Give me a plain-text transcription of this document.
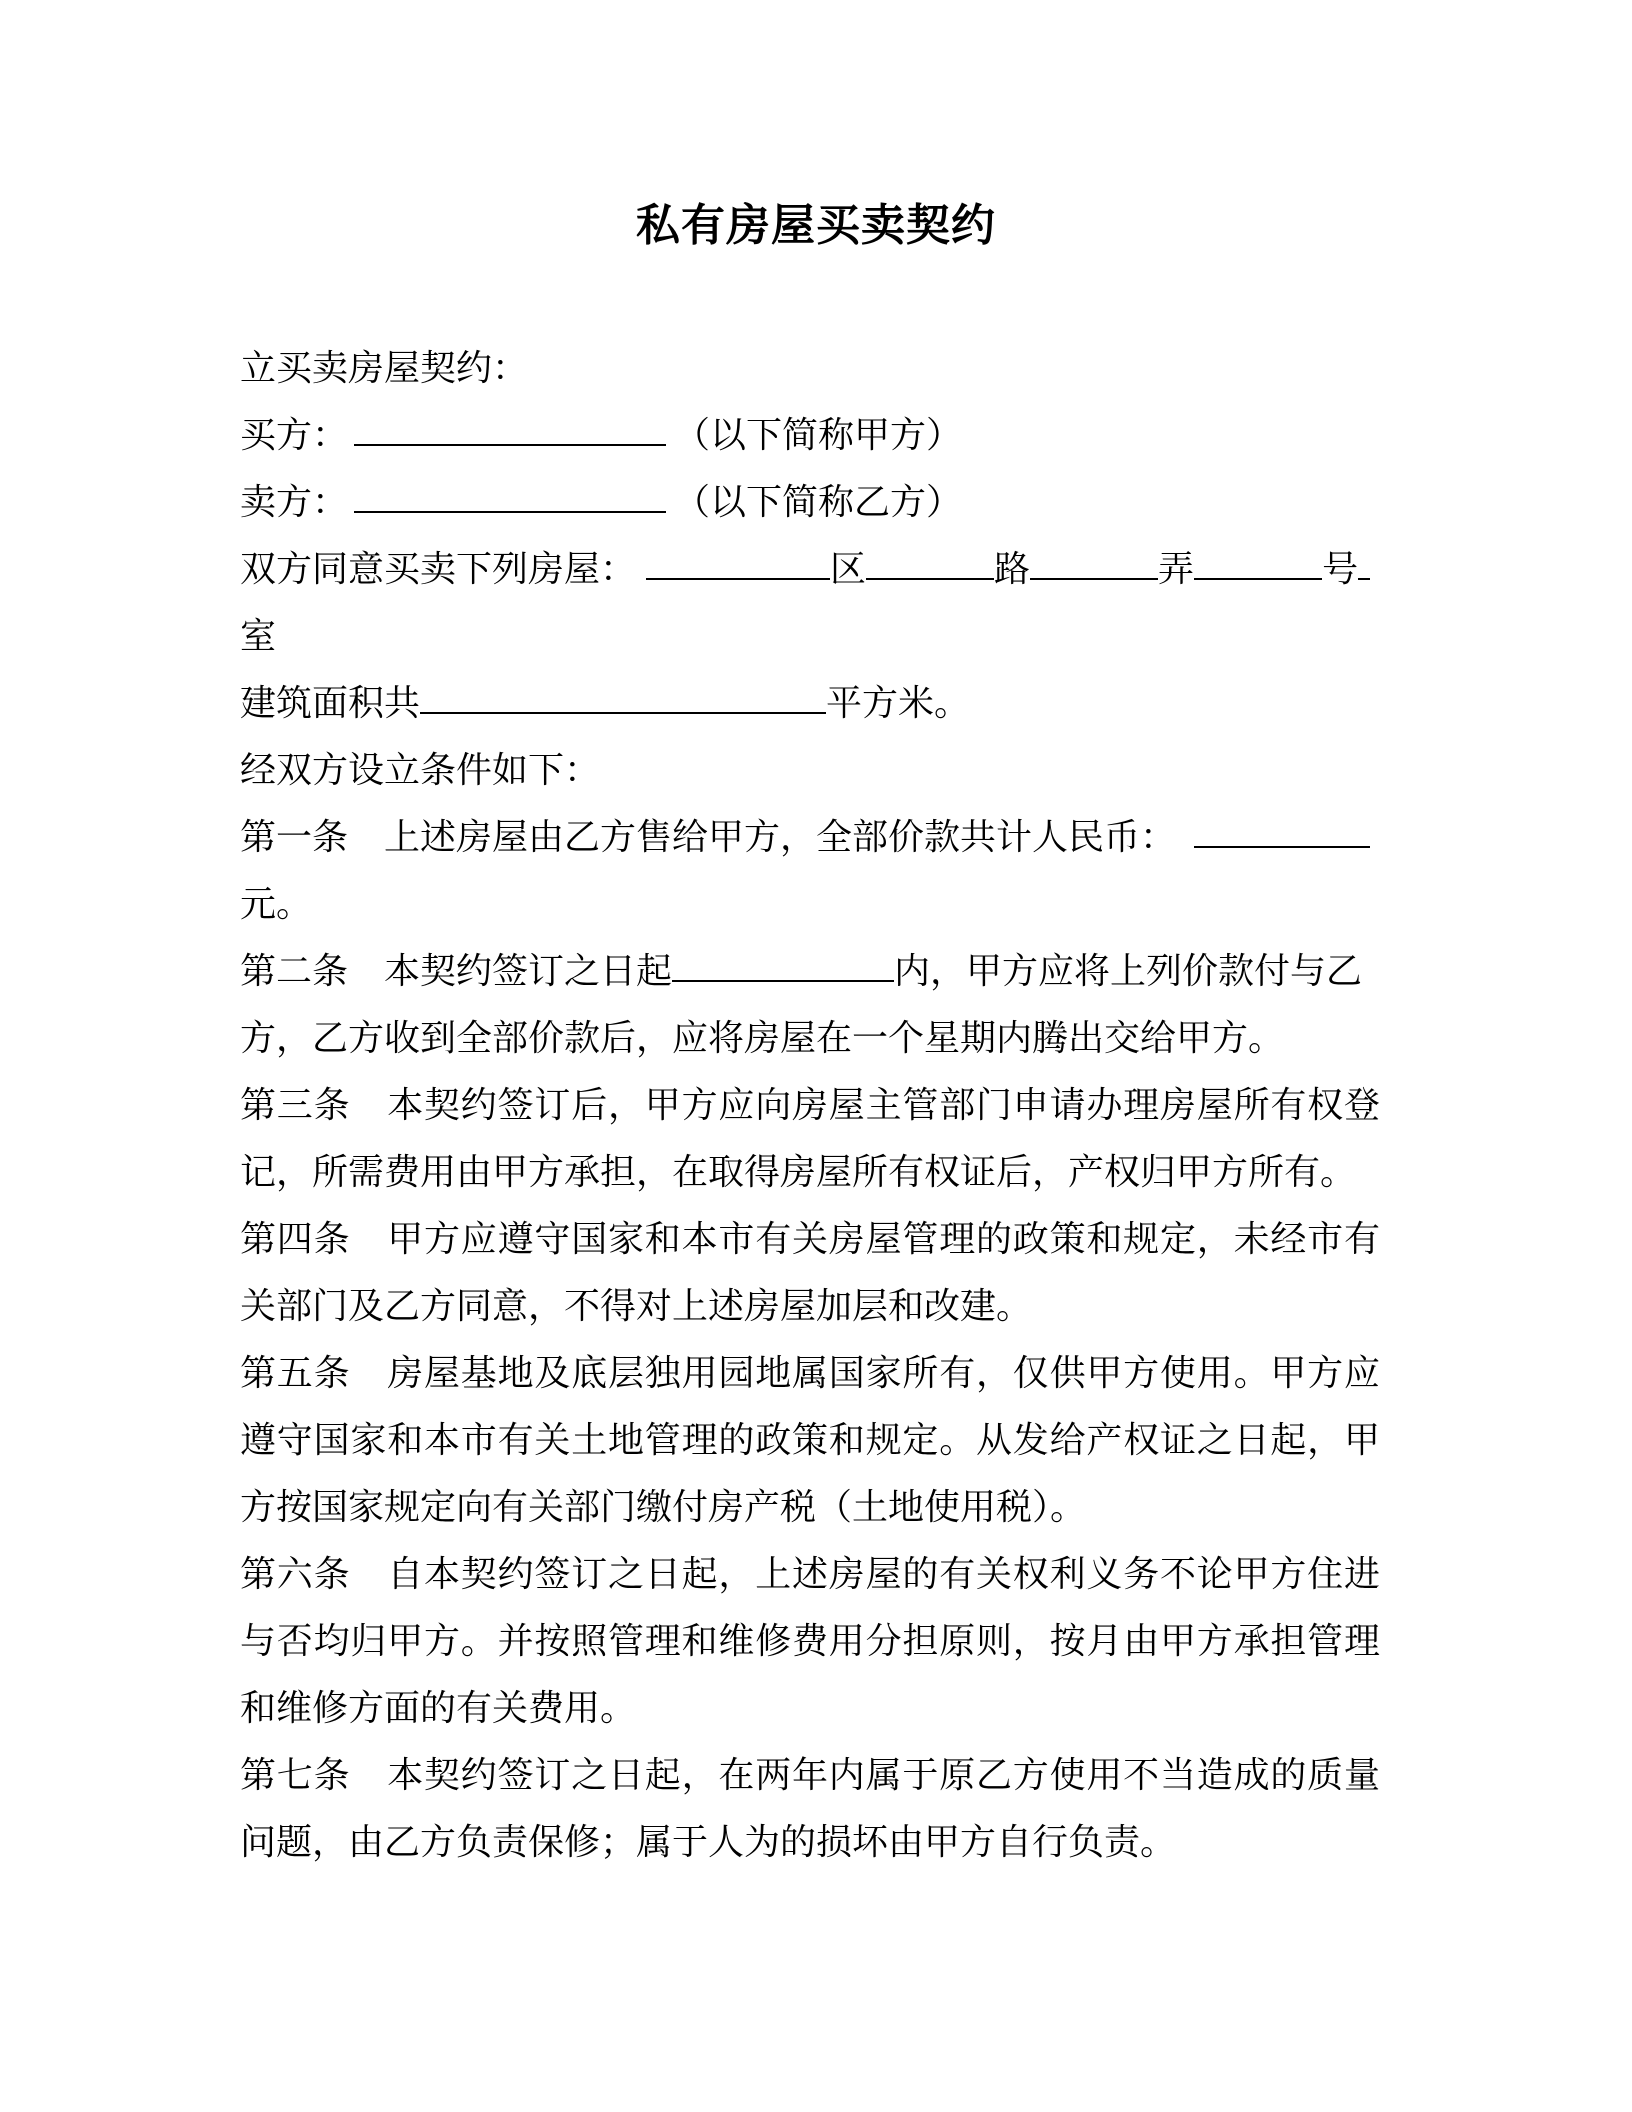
私有房屋买卖契约
立买卖房屋契约：
买方：	（以下简称甲方）
卖方：	（以下简称乙方）
双方同意买卖下列房屋：	区	路	弄	号
室
建筑面积共	平方米。
经双方设立条件如下：
第一条 上述房屋由乙方售给甲方，全部价款共计人民币：
元。
第二条 本契约签订之日起	内，甲方应将上列价款付与乙
方，乙方收到全部价款后，应将房屋在一个星期内腾出交给甲方。
第三条 本契约签订后，甲方应向房屋主管部门申请办理房屋所有权登记，所需费用由甲方承担，在取得房屋所有权证后，产权归甲方所有。
第四条 甲方应遵守国家和本市有关房屋管理的政策和规定，未经市有关部门及乙方同意，不得对上述房屋加层和改建。
第五条 房屋基地及底层独用园地属国家所有，仅供甲方使用。甲方应遵守国家和本市有关土地管理的政策和规定。从发给产权证之日起，甲方按国家规定向有关部门缴付房产税（土地使用税）。
第六条 自本契约签订之日起，上述房屋的有关权利义务不论甲方住进与否均归甲方。并按照管理和维修费用分担原则，按月由甲方承担管理和维修方面的有关费用。
第七条 本契约签订之日起，在两年内属于原乙方使用不当造成的质量问题，由乙方负责保修；属于人为的损坏由甲方自行负责。
